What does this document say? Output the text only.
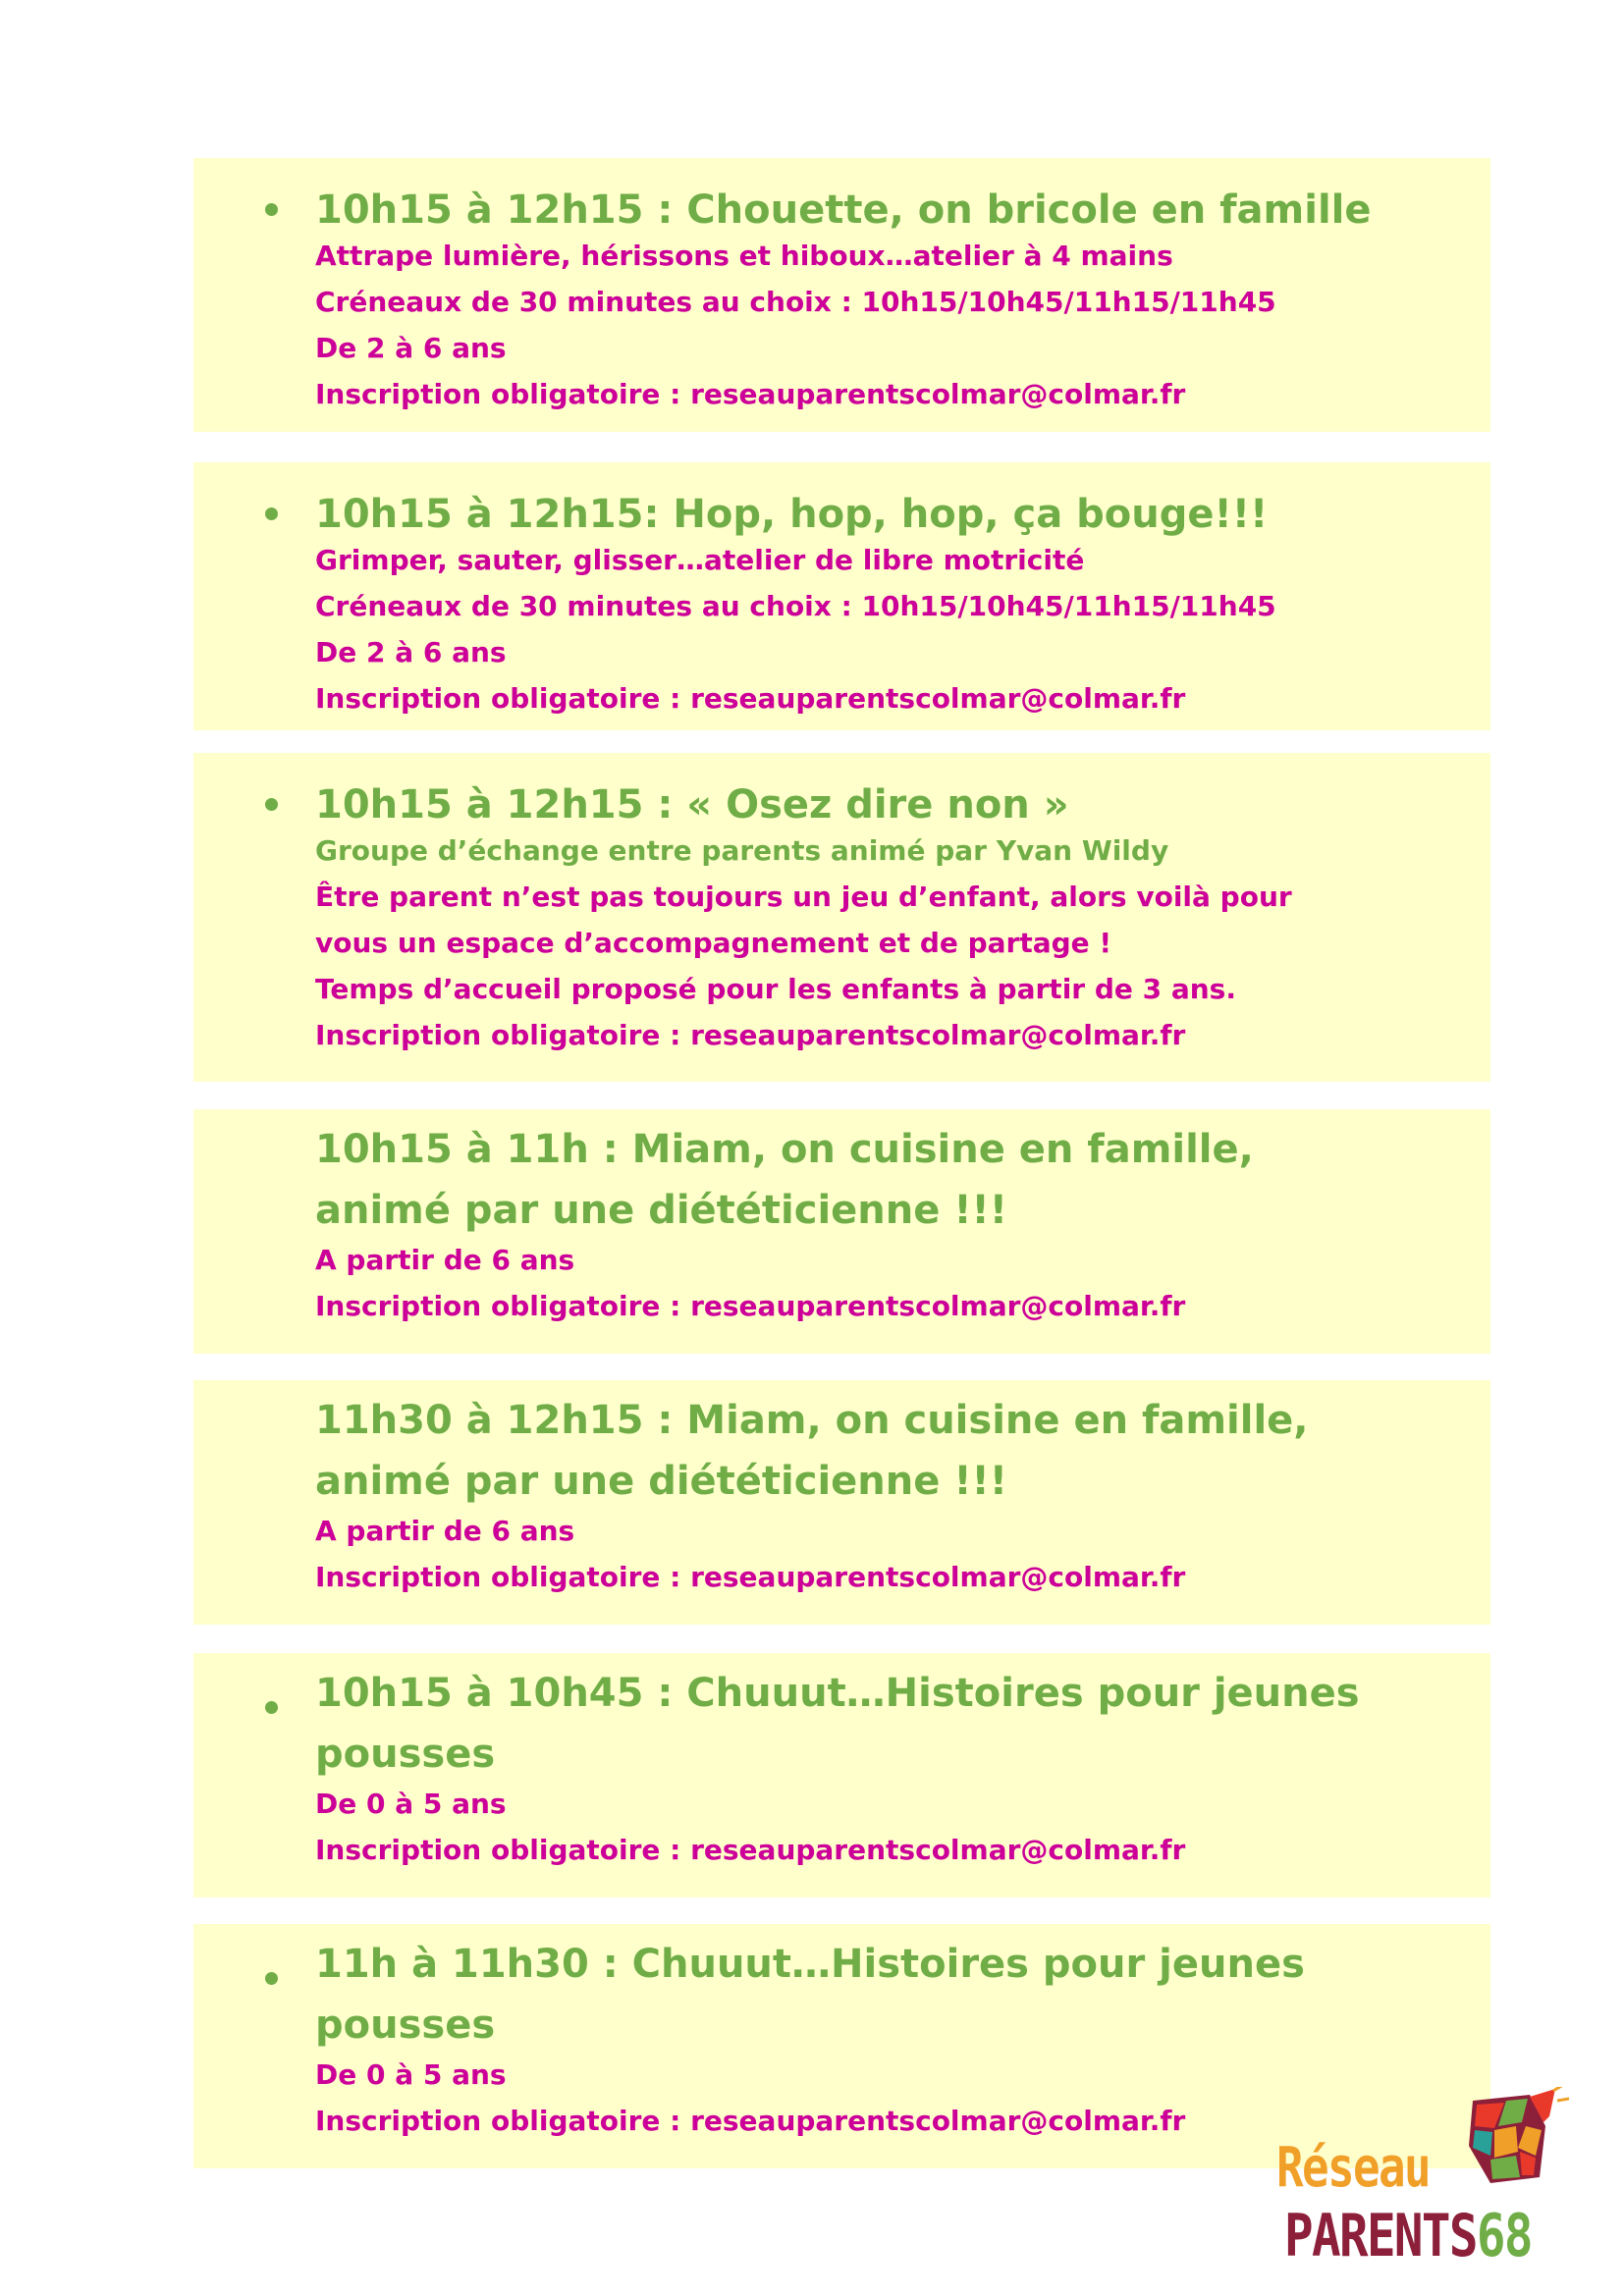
10h15 à 12h15 : Chouette, on bricole en famille

Attrape lumière, hérissons et hiboux…atelier à 4 mains

Créneaux de 30 minutes au choix : 10h15/10h45/11h15/11h45

De 2 à 6 ans

Inscription obligatoire : reseauparentscolmar@colmar.fr

10h15 à 12h15: Hop, hop, hop, ça bouge!!!

Grimper, sauter, glisser…atelier de libre motricité

Créneaux de 30 minutes au choix : 10h15/10h45/11h15/11h45

De 2 à 6 ans

Inscription obligatoire : reseauparentscolmar@colmar.fr

10h15 à 12h15 : « Osez dire non »

Groupe d’échange entre parents animé par Yvan Wildy

Être parent n’est pas toujours un jeu d’enfant, alors voilà pour

vous un espace d’accompagnement et de partage !

Temps d’accueil proposé pour les enfants à partir de 3 ans.

Inscription obligatoire : reseauparentscolmar@colmar.fr

10h15 à 11h : Miam, on cuisine en famille,

animé par une diététicienne !!!

A partir de 6 ans

Inscription obligatoire : reseauparentscolmar@colmar.fr

11h30 à 12h15 : Miam, on cuisine en famille,

animé par une diététicienne !!!

A partir de 6 ans

Inscription obligatoire : reseauparentscolmar@colmar.fr

10h15 à 10h45 : Chuuut…Histoires pour jeunes

pousses

De 0 à 5 ans

Inscription obligatoire : reseauparentscolmar@colmar.fr

11h à 11h30 : Chuuut…Histoires pour jeunes

pousses

De 0 à 5 ans

Inscription obligatoire : reseauparentscolmar@colmar.fr

Réseau
PARENTS68
